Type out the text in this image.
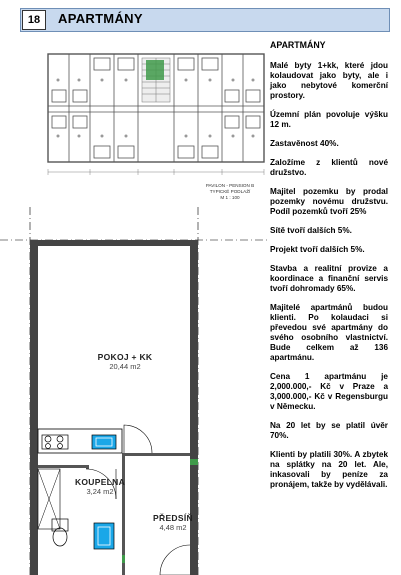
18	APARTMÁNY
PAVILON - PENSION B
TYPICKÉ PODLAŽÍ
M 1 : 100
POKOJ + KK
20,44 m2
KOUPELNA
3,24 m2
PŘEDSÍŇ
4,48 m2
APARTMÁNY

Malé byty 1+kk, které jdou kolaudovat jako byty, ale i jako nebytové komerční prostory.

Územní plán povoluje výšku 12 m.

Zastavěnost 40%.

Založíme z klientů nové družstvo.

Majitel pozemku by prodal pozemky novému družstvu. Podíl pozemků tvoří 25%

Sítě tvoří dalších 5%.

Projekt tvoří dalších 5%.

Stavba a realitní provize a koordinace a finanční servis tvoří dohromady 65%.

Majitelé apartmánů budou klienti. Po kolaudaci si převedou své apartmány do svého osobního vlastnictví. Bude celkem až 136 apartmánu.

Cena 1 apartmánu je 2,000.000,- Kč v Praze a 3,000.000,- Kč v Regensburgu v Německu.

Na 20 let by se platil úvěr 70%.

Klienti by platili 30%. A zbytek na splátky na 20 let. Ale, inkasovali by peníze za pronájem, takže by vydělávali.
